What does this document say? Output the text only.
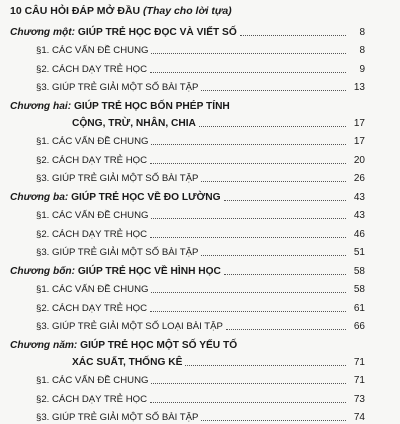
10 CÂU HỎI ĐÁP MỞ ĐẦU (Thay cho lời tựa)
Chương một:
GIÚP TRẺ HỌC ĐỌC VÀ VIẾT SỐ	8
§1. CÁC VẤN ĐỀ CHUNG	8
§2. CÁCH DẠY TRẺ HỌC	9
§3. GIÚP TRẺ GIẢI MỘT SỐ BÀI TẬP	13
Chương hai:
GIÚP TRẺ HỌC BỐN PHÉP TÍNH
CỘNG, TRỪ, NHÂN, CHIA	17
§1. CÁC VẤN ĐỀ CHUNG	17
§2. CÁCH DẠY TRẺ HỌC	20
§3. GIÚP TRẺ GIẢI MỘT SỐ BÀI TẬP	26
Chương ba:
GIÚP TRẺ HỌC VỀ ĐO LƯỜNG	43
§1. CÁC VẤN ĐỀ CHUNG	43
§2. CÁCH DẠY TRẺ HỌC	46
§3. GIÚP TRẺ GIẢI MỘT SỐ BÀI TẬP	51
Chương bốn:
GIÚP TRẺ HỌC VỀ HÌNH HỌC	58
§1. CÁC VẤN ĐỀ CHUNG	58
§2. CÁCH DẠY TRẺ HỌC	61
§3. GIÚP TRẺ GIẢI MỘT SỐ LOẠI BÀI TẬP	66
Chương năm:
GIÚP TRẺ HỌC MỘT SỐ YẾU TỐ
XÁC SUẤT, THỐNG KÊ	71
§1. CÁC VẤN ĐỀ CHUNG	71
§2. CÁCH DẠY TRẺ HỌC	73
§3. GIÚP TRẺ GIẢI MỘT SỐ BÀI TẬP	74
